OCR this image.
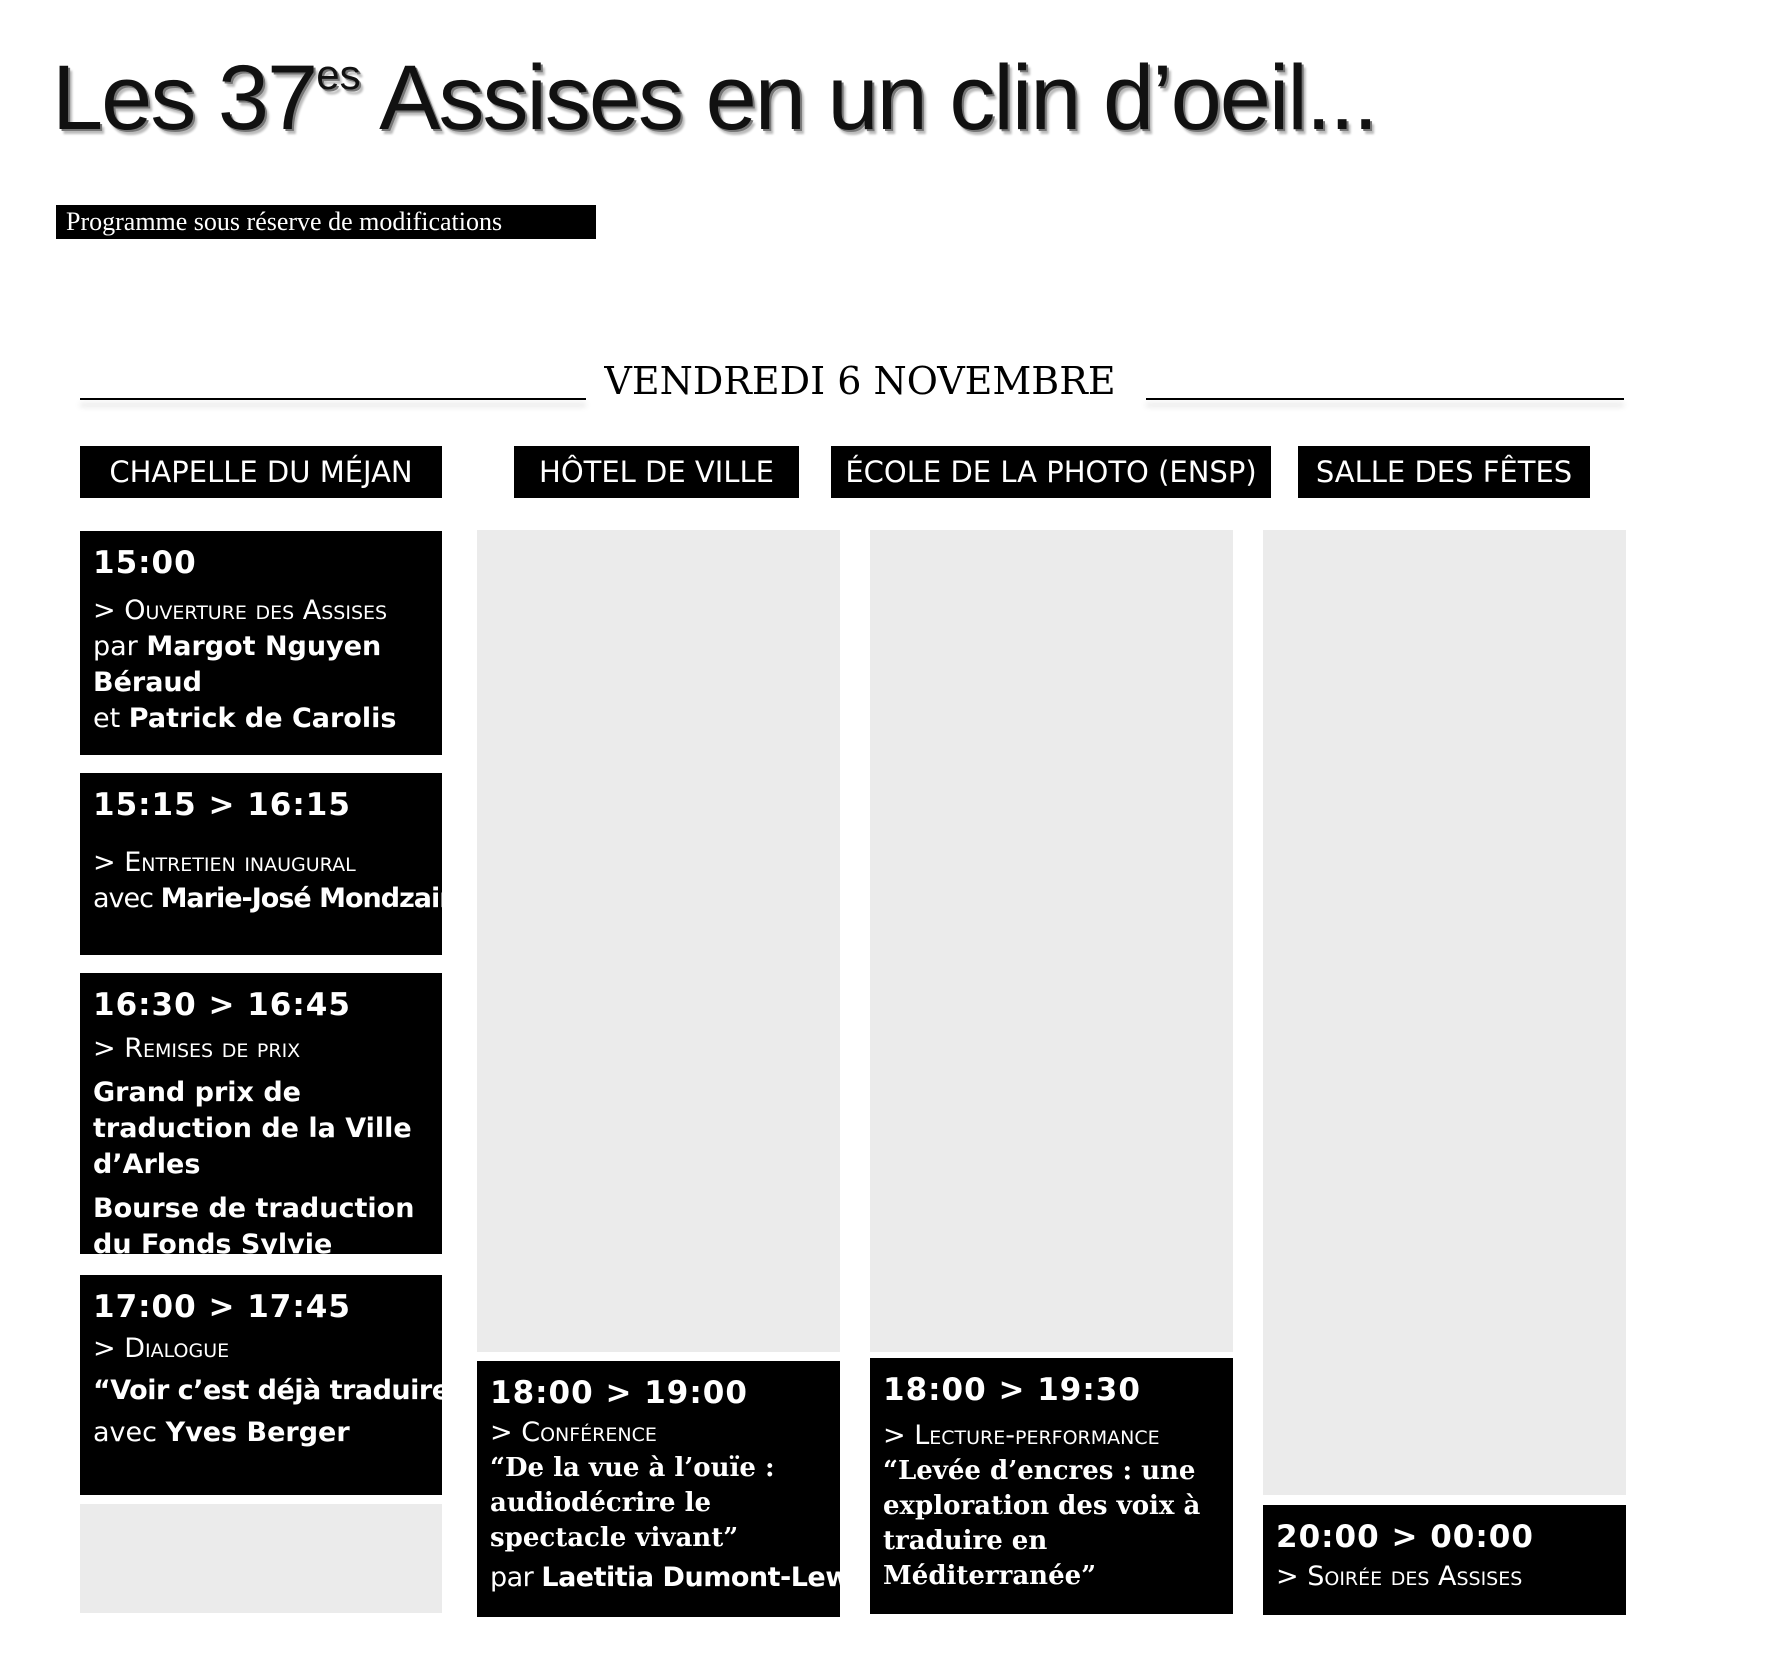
Les $37^{es}$ Assises en un clin d’oeil...
Programme sous réserve de modifications
VENDREDI 6 NOVEMBRE
CHAPELLE DU MÉJAN	HÔTEL DE VILLE	ÉCOLE DE LA PHOTO (ENSP)	SALLE DES FÊTES
15:00
> Ouverture des Assises
par Margot Nguyen Béraud
et Patrick de Carolis
15:15 > 16:15
> Entretien inaugural
avec Marie-José Mondzain
16:30 > 16:45
> Remises de prix
Grand prix de traduction de la Ville d’Arles
Bourse de traduction du Fonds Sylvie
17:00 > 17:45
> Dialogue
“Voir c’est déjà traduire”
avec Yves Berger
18:00 > 19:00
> Conférence
“De la vue à l’ouïe : audiodécrire le spectacle vivant”
par Laetitia Dumont-Lewi
18:00 > 19:30
> Lecture-performance
“Levée d’encres : une exploration des voix à traduire en Méditerranée”
20:00 > 00:00
> Soirée des Assises
